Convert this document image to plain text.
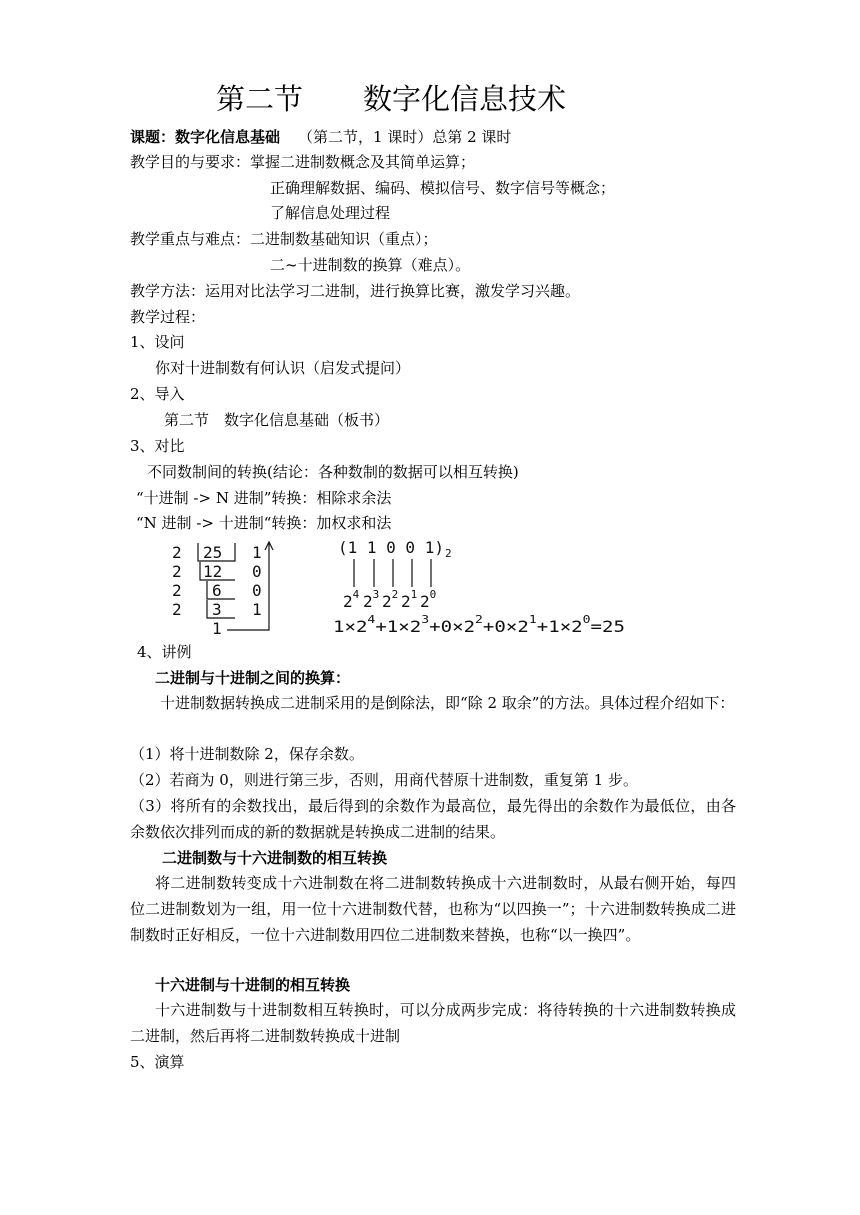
第二节 数字化信息技术
课题：数字化信息基础 （第二节，1 课时）总第 2 课时
教学目的与要求：掌握二进制数概念及其简单运算；
正确理解数据、编码、模拟信号、数字信号等概念；
了解信息处理过程
教学重点与难点：二进制数基础知识（重点）；
二~十进制数的换算（难点）。
教学方法：运用对比法学习二进制，进行换算比赛，激发学习兴趣。
教学过程：
1、设问
你对十进制数有何认识（启发式提问）
2、导入
第二节　数字化信息基础（板书）
3、对比
不同数制间的转换(结论：各种数制的数据可以相互转换)
“十进制 -> N 进制”转换：相除求余法
“N 进制 -> 十进制“转换：加权求和法
2
2
2
2
25
12
6
3
1
1
0
0
1
(1 1 0 0 1) 2
$2^4$ $2^3$ $2^2$ $2^1$ $2^0$
1×2 $^4$+1×2 $^3$+0×2 $^2$+0×2 $^1$+1×2 $^0$=25
4、讲例
二进制与十进制之间的换算：
十进制数据转换成二进制采用的是倒除法，即“除 2 取余”的方法。具体过程介绍如下：
（1）将十进制数除 2，保存余数。
（2）若商为 0，则进行第三步，否则，用商代替原十进制数，重复第 1 步。
（3）将所有的余数找出，最后得到的余数作为最高位，最先得出的余数作为最低位，由各余数依次排列而成的新的数据就是转换成二进制的结果。
二进制数与十六进制数的相互转换
将二进制数转变成十六进制数在将二进制数转换成十六进制数时，从最右侧开始，每四位二进制数划为一组，用一位十六进制数代替，也称为“以四换一”；十六进制数转换成二进制数时正好相反，一位十六进制数用四位二进制数来替换，也称“以一换四”。
十六进制与十进制的相互转换
十六进制数与十进制数相互转换时，可以分成两步完成：将待转换的十六进制数转换成二进制，然后再将二进制数转换成十进制
5、演算
